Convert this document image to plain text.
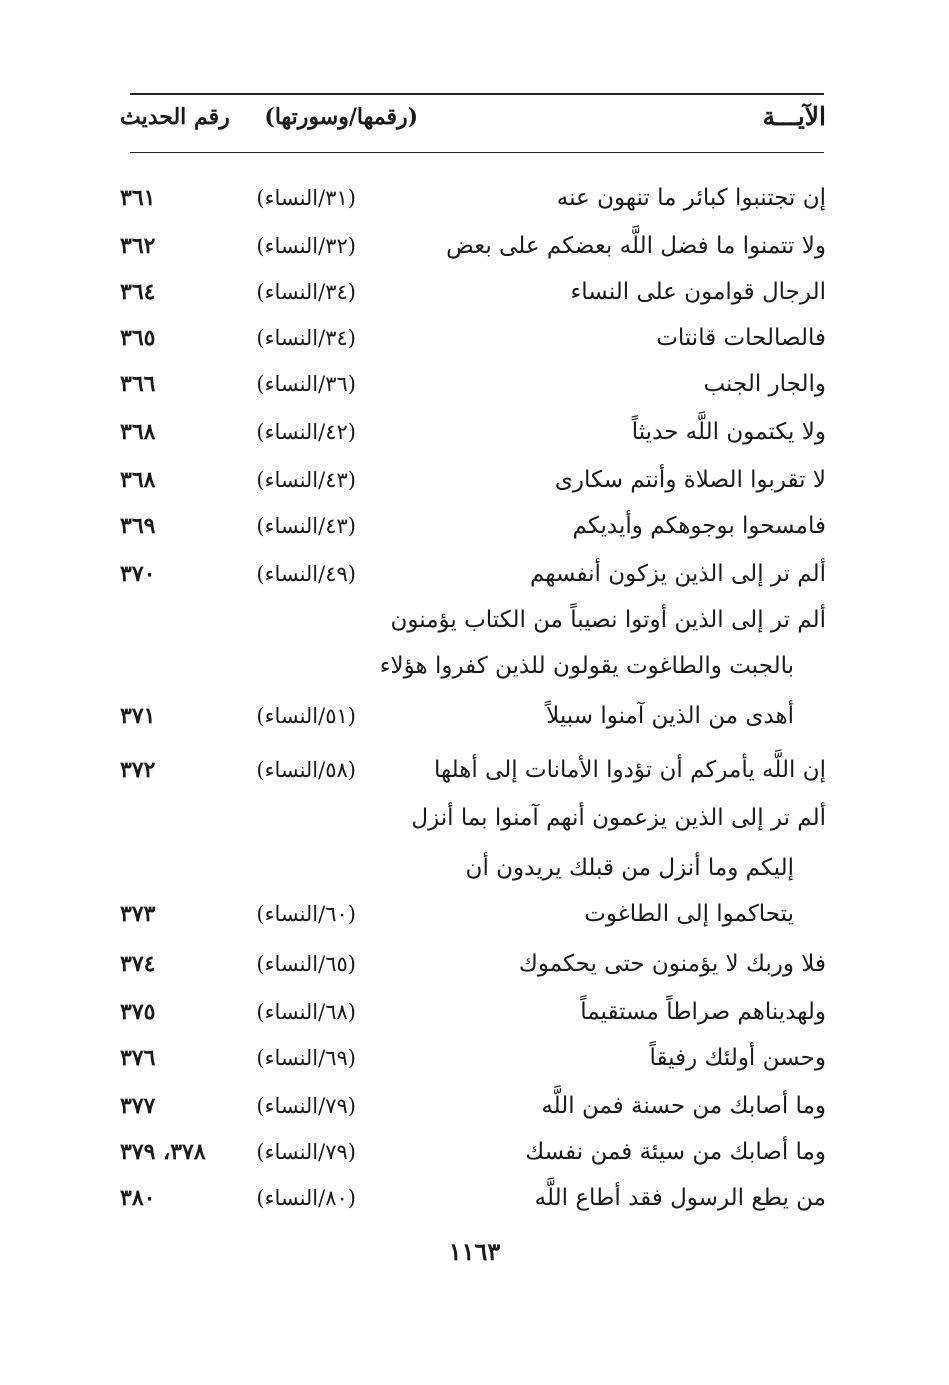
الآيـــة
(رقمها/وسورتها)
رقم الحديث
إن تجتنبوا كبائر ما تنهون عنه
(٣١/النساء)
٣٦١
ولا تتمنوا ما فضل اللَّه بعضكم على بعض
(٣٢/النساء)
٣٦٢
الرجال قوامون على النساء
(٣٤/النساء)
٣٦٤
فالصالحات قانتات
(٣٤/النساء)
٣٦٥
والجار الجنب
(٣٦/النساء)
٣٦٦
ولا يكتمون اللَّه حديثاً
(٤٢/النساء)
٣٦٨
لا تقربوا الصلاة وأنتم سكارى
(٤٣/النساء)
٣٦٨
فامسحوا بوجوهكم وأيديكم
(٤٣/النساء)
٣٦٩
ألم تر إلى الذين يزكون أنفسهم
(٤٩/النساء)
٣٧٠
ألم تر إلى الذين أوتوا نصيباً من الكتاب يؤمنون
بالجبت والطاغوت يقولون للذين كفروا هؤلاء
أهدى من الذين آمنوا سبيلاً
(٥١/النساء)
٣٧١
إن اللَّه يأمركم أن تؤدوا الأمانات إلى أهلها
(٥٨/النساء)
٣٧٢
ألم تر إلى الذين يزعمون أنهم آمنوا بما أنزل
إليكم وما أنزل من قبلك يريدون أن
يتحاكموا إلى الطاغوت
(٦٠/النساء)
٣٧٣
فلا وربك لا يؤمنون حتى يحكموك
(٦٥/النساء)
٣٧٤
ولهديناهم صراطاً مستقيماً
(٦٨/النساء)
٣٧٥
وحسن أولئك رفيقاً
(٦٩/النساء)
٣٧٦
وما أصابك من حسنة فمن اللَّه
(٧٩/النساء)
٣٧٧
وما أصابك من سيئة فمن نفسك
(٧٩/النساء)
٣٧٨، ٣٧٩
من يطع الرسول فقد أطاع اللَّه
(٨٠/النساء)
٣٨٠
١١٦٣
